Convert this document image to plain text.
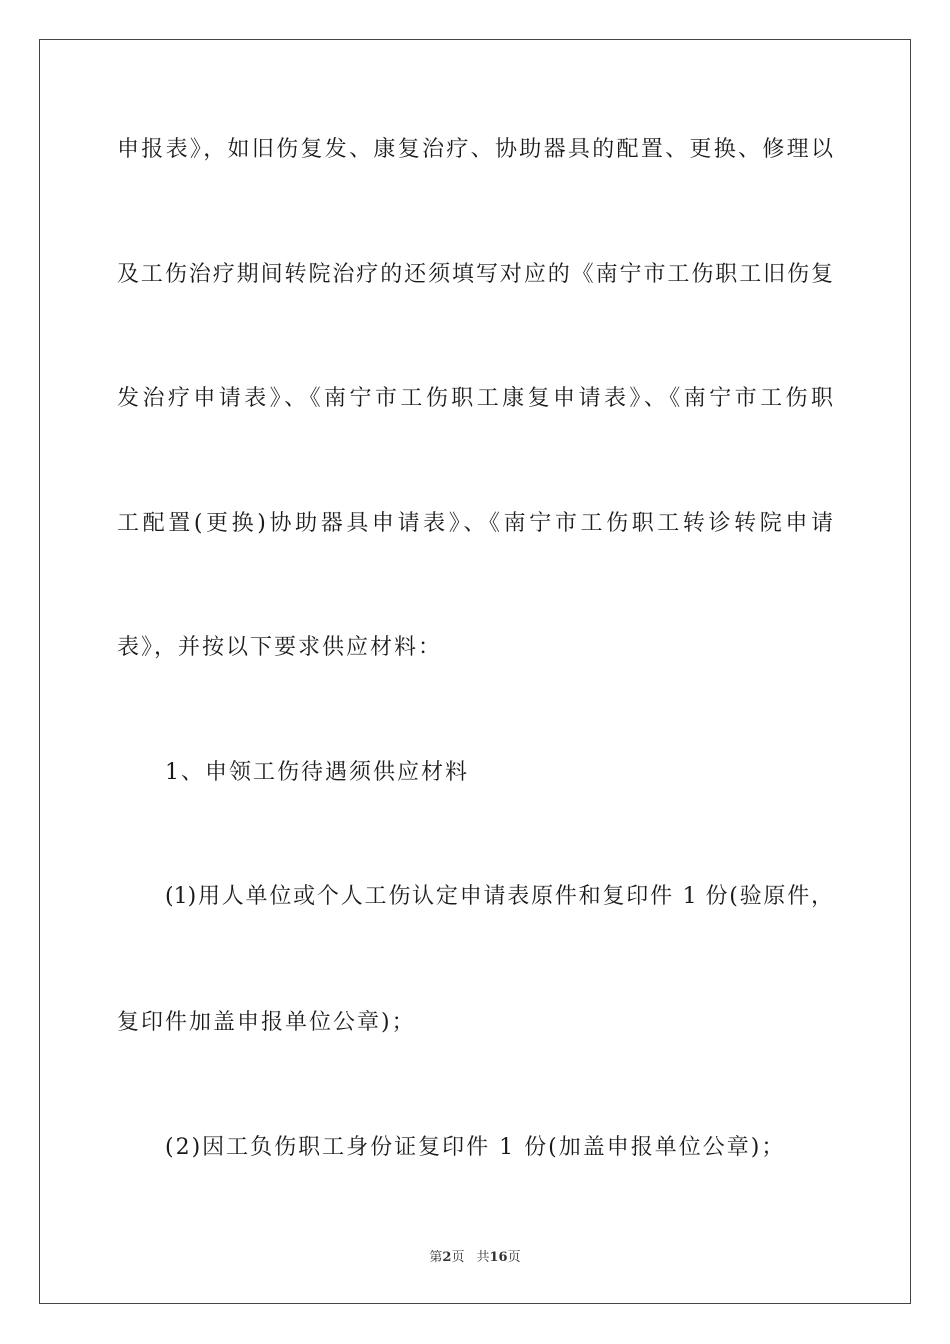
申报表》，如旧伤复发、康复治疗、协助器具的配置、更换、修理以
及工伤治疗期间转院治疗的还须填写对应的《南宁市工伤职工旧伤复
发治疗申请表》、《南宁市工伤职工康复申请表》、《南宁市工伤职
工配置(更换)协助器具申请表》、《南宁市工伤职工转诊转院申请
表》，并按以下要求供应材料：
1、申领工伤待遇须供应材料
(1)用人单位或个人工伤认定申请表原件和复印件 1 份(验原件，
复印件加盖申报单位公章)；
(2)因工负伤职工身份证复印件 1 份(加盖申报单位公章)；
第2页 共16页
